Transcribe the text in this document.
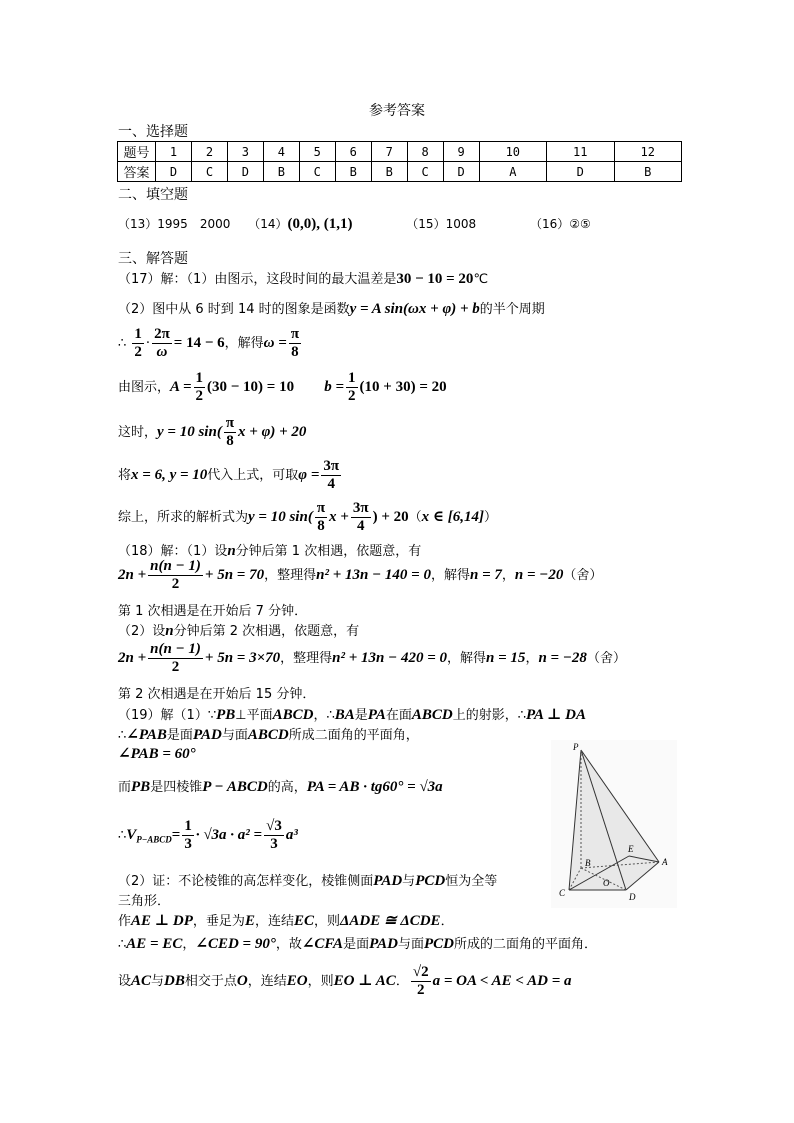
参考答案
一、选择题
题号	1	2	3	4	5	6	7	8	9	10	11	12
答案	D	C	D	B	C	B	B	C	D	A	D	B
二、填空题
（13）1995　2000 （14）(0,0), (1,1)	（15）1008	（16）②⑤
三、解答题
（17）解：（1）由图示，这段时间的最大温差是30 − 10 = 20℃
（2）图中从 6 时到 14 时的图象是函数y = A sin(ωx + φ) + b的半个周期
∴ $\frac{1}{2} \cdot \frac{2\pi}{\omega} = 14 - 6$，解得$\omega = \frac{\pi}{8}$
由图示，$A = \frac{1}{2} (30 - 10) = 10$ $b = \frac{1}{2} (10 + 30) = 20$
这时，y = 10 $\sin( \frac{\pi}{8}$ x + φ) + 20
将x = 6, y = 10代入上式，可取$\varphi = \frac{3\pi}{4}$
综上，所求的解析式为y = 10 $\sin( \frac{\pi}{8}$ $x + \frac{3\pi}{4}$ ) + 20（x ∈ [6,14]）
（18）解：（1）设n分钟后第 1 次相遇，依题意，有
$2n + \frac{n(n - 1)}{2} + 5n = 70$，整理得n² + 13n − 140 = 0，解得n = 7，n = −20（舍）
第 1 次相遇是在开始后 7 分钟．
（2）设n分钟后第 2 次相遇，依题意，有
$2n + \frac{n(n - 1)}{2} + 5n = 3\times 70$，整理得n² + 13n − 420 = 0，解得n = 15，n = −28（舍）
第 2 次相遇是在开始后 15 分钟．
（19）解（1）∵PB⊥平面ABCD，∴BA是PA在面ABCD上的射影，∴PA ⊥ DA
∴∠PAB是面PAD与面ABCD所成二面角的平面角，
∠PAB = 60°
而PB是四棱锥P − ABCD的高，PA = AB · tg60° = √3a
$\therefore V_{P-ABCD}= \frac{1}{3} \cdot √3a \cdot a^2 = \frac{√3}{3} a^3$
（2）证：不论棱锥的高怎样变化，棱锥侧面PAD与PCD恒为全等
三角形．
作AE ⊥ DP，垂足为E，连结EC，则ΔADE ≅ ΔCDE．
∴AE = EC，∠CED = 90°，故∠CFA是面PAD与面PCD所成的二面角的平面角．
设AC与DB相交于点O，连结EO，则EO ⊥ AC． $\frac{√2}{2}$ a = OA < AE < AD = a
P
B
E
A
O
C	D
